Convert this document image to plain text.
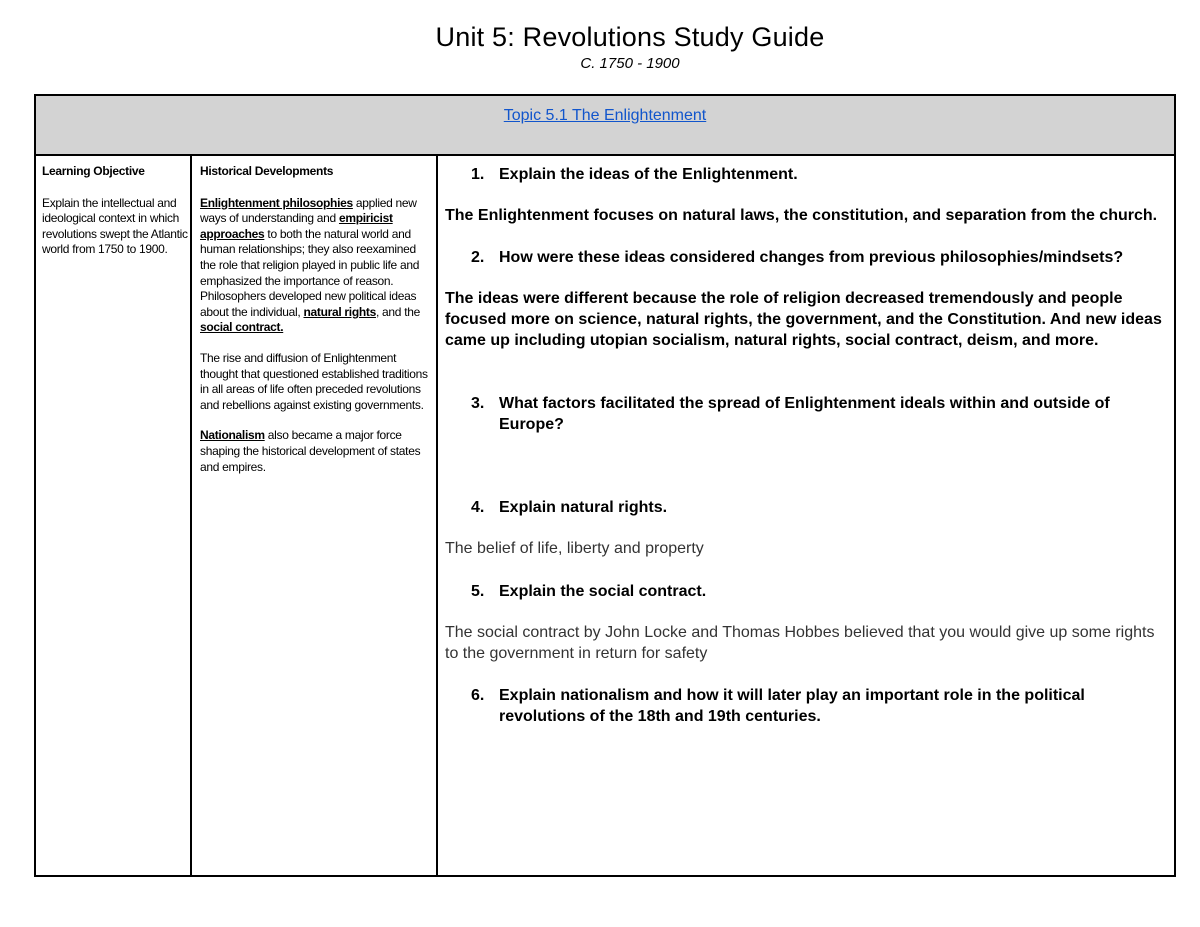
Unit 5: Revolutions Study Guide
C. 1750 - 1900
Topic 5.1 The Enlightenment
Learning Objective

Explain the intellectual and ideological context in which revolutions swept the Atlantic world from 1750 to 1900.

Historical Developments

Enlightenment philosophies applied new ways of understanding and empiricist approaches to both the natural world and human relationships; they also reexamined the role that religion played in public life and emphasized the importance of reason. Philosophers developed new political ideas about the individual, natural rights, and the social contract.

The rise and diffusion of Enlightenment thought that questioned established traditions in all areas of life often preceded revolutions and rebellions against existing governments.

Nationalism also became a major force shaping the historical development of states and empires.

1. Explain the ideas of the Enlightenment.
The Enlightenment focuses on natural laws, the constitution, and separation from the church.
2. How were these ideas considered changes from previous philosophies/mindsets?
The ideas were different because the role of religion decreased tremendously and people focused more on science, natural rights, the government, and the Constitution. And new ideas came up including utopian socialism, natural rights, social contract, deism, and more.
3. What factors facilitated the spread of Enlightenment ideals within and outside of Europe?
4. Explain natural rights.
The belief of life, liberty and property
5. Explain the social contract.
The social contract by John Locke and Thomas Hobbes believed that you would give up some rights to the government in return for safety
6. Explain nationalism and how it will later play an important role in the political revolutions of the 18th and 19th centuries.
